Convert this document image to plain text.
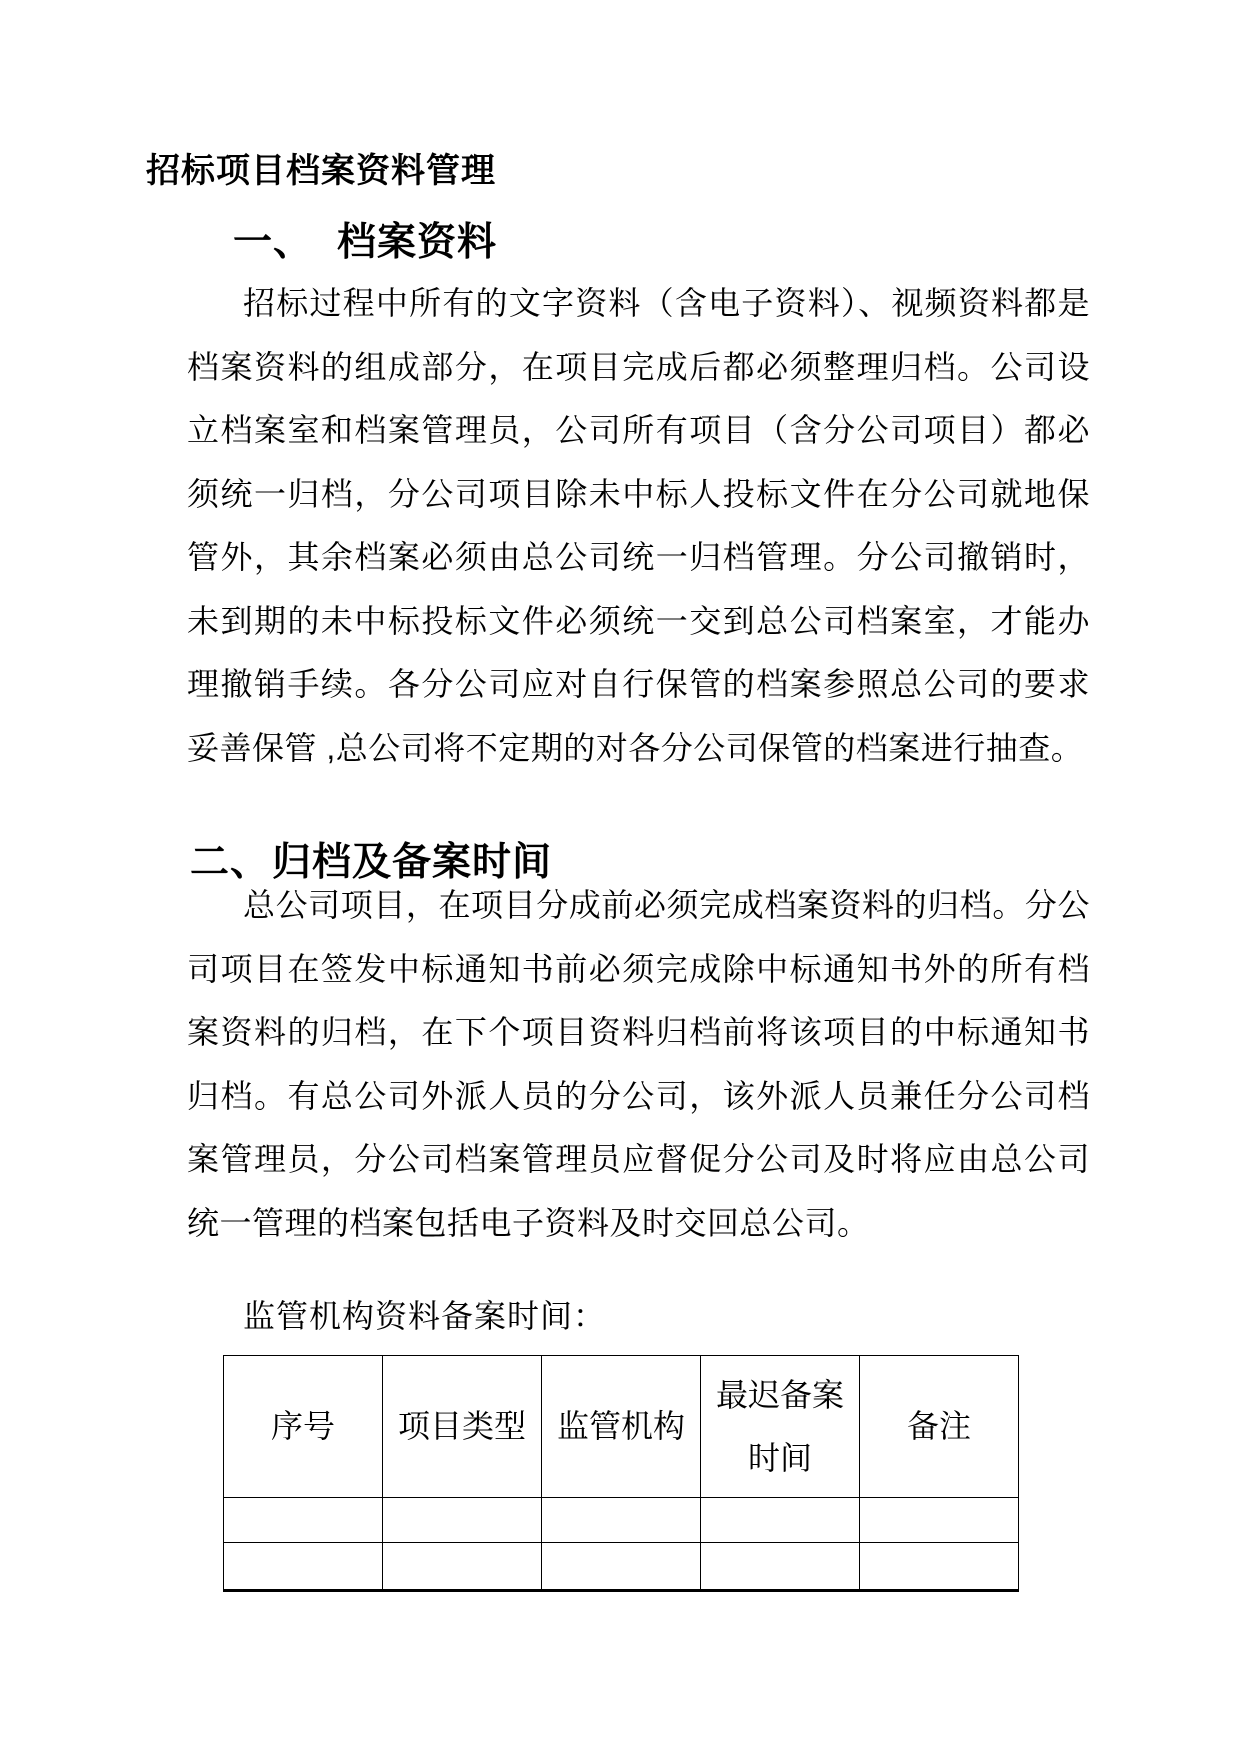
招标项目档案资料管理
一、 档案资料
招标过程中所有的文字资料（含电子资料）、视频资料都是
档案资料的组成部分，在项目完成后都必须整理归档。公司设
立档案室和档案管理员，公司所有项目（含分公司项目）都必
须统一归档，分公司项目除未中标人投标文件在分公司就地保
管外，其余档案必须由总公司统一归档管理。分公司撤销时，
未到期的未中标投标文件必须统一交到总公司档案室，才能办
理撤销手续。各分公司应对自行保管的档案参照总公司的要求
妥善保管 ,总公司将不定期的对各分公司保管的档案进行抽查。
二、归档及备案时间
总公司项目，在项目分成前必须完成档案资料的归档。分公
司项目在签发中标通知书前必须完成除中标通知书外的所有档
案资料的归档，在下个项目资料归档前将该项目的中标通知书
归档。有总公司外派人员的分公司，该外派人员兼任分公司档
案管理员，分公司档案管理员应督促分公司及时将应由总公司
统一管理的档案包括电子资料及时交回总公司。
监管机构资料备案时间：
序号	项目类型	监管机构	最迟备案时间	备注
